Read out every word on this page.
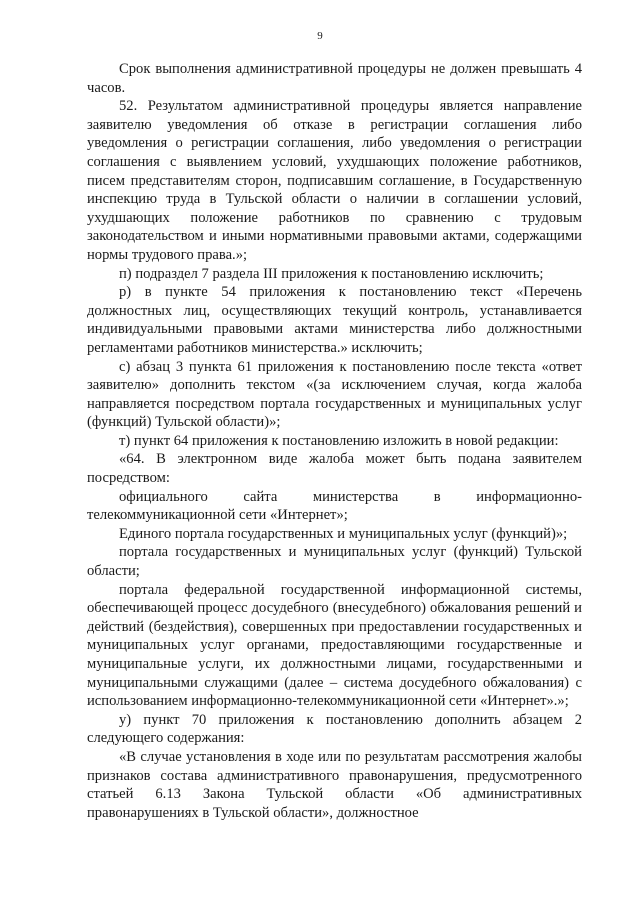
9

Срок выполнения административной процедуры не должен превышать 4 часов.

52. Результатом административной процедуры является направление заявителю уведомления об отказе в регистрации соглашения либо уведомления о регистрации соглашения, либо уведомления о регистрации соглашения с выявлением условий, ухудшающих положение работников, писем представителям сторон, подписавшим соглашение, в Государственную инспекцию труда в Тульской области о наличии в соглашении условий, ухудшающих положение работников по сравнению с трудовым законодательством и иными нормативными правовыми актами, содержащими нормы трудового права.»;

п) подраздел 7 раздела III приложения к постановлению исключить;

р) в пункте 54 приложения к постановлению текст «Перечень должностных лиц, осуществляющих текущий контроль, устанавливается индивидуальными правовыми актами министерства либо должностными регламентами работников министерства.» исключить;

с) абзац 3 пункта 61 приложения к постановлению после текста «ответ заявителю» дополнить текстом «(за исключением случая, когда жалоба направляется посредством портала государственных и муниципальных услуг (функций) Тульской области)»;

т) пункт 64 приложения к постановлению изложить в новой редакции:

«64. В электронном виде жалоба может быть подана заявителем посредством:

официального сайта министерства в информационно-телекоммуникационной сети «Интернет»;

Единого портала государственных и муниципальных услуг (функций)»;

портала государственных и муниципальных услуг (функций) Тульской области;

портала федеральной государственной информационной системы, обеспечивающей процесс досудебного (внесудебного) обжалования решений и действий (бездействия), совершенных при предоставлении государственных и муниципальных услуг органами, предоставляющими государственные и муниципальные услуги, их должностными лицами, государственными и муниципальными служащими (далее – система досудебного обжалования) с использованием информационно-телекоммуникационной сети «Интернет».»;

у) пункт 70 приложения к постановлению дополнить абзацем 2 следующего содержания:

«В случае установления в ходе или по результатам рассмотрения жалобы признаков состава административного правонарушения, предусмотренного статьей 6.13 Закона Тульской области «Об административных правонарушениях в Тульской области», должностное
